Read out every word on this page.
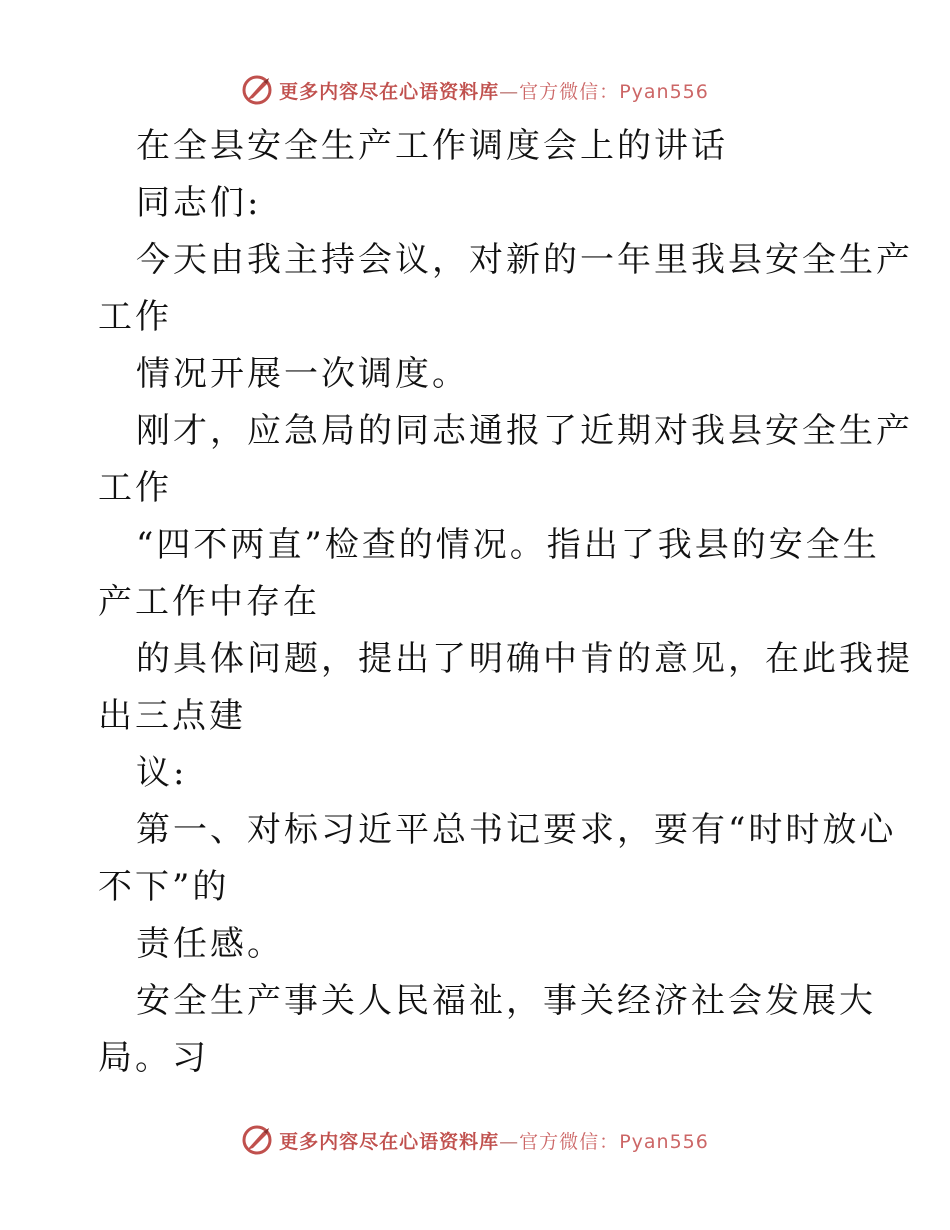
更多内容尽在心语资料库—官方微信：Pyan556
在全县安全生产工作调度会上的讲话
同志们:
今天由我主持会议，对新的一年里我县安全生产
工作
情况开展一次调度。
刚才，应急局的同志通报了近期对我县安全生产
工作
“四不两直”检查的情况。指出了我县的安全生
产工作中存在
的具体问题，提出了明确中肯的意见，在此我提
出三点建
议:
第一、对标习近平总书记要求，要有“时时放心
不下”的
责任感。
安全生产事关人民福祉，事关经济社会发展大
局。习
更多内容尽在心语资料库—官方微信：Pyan556
